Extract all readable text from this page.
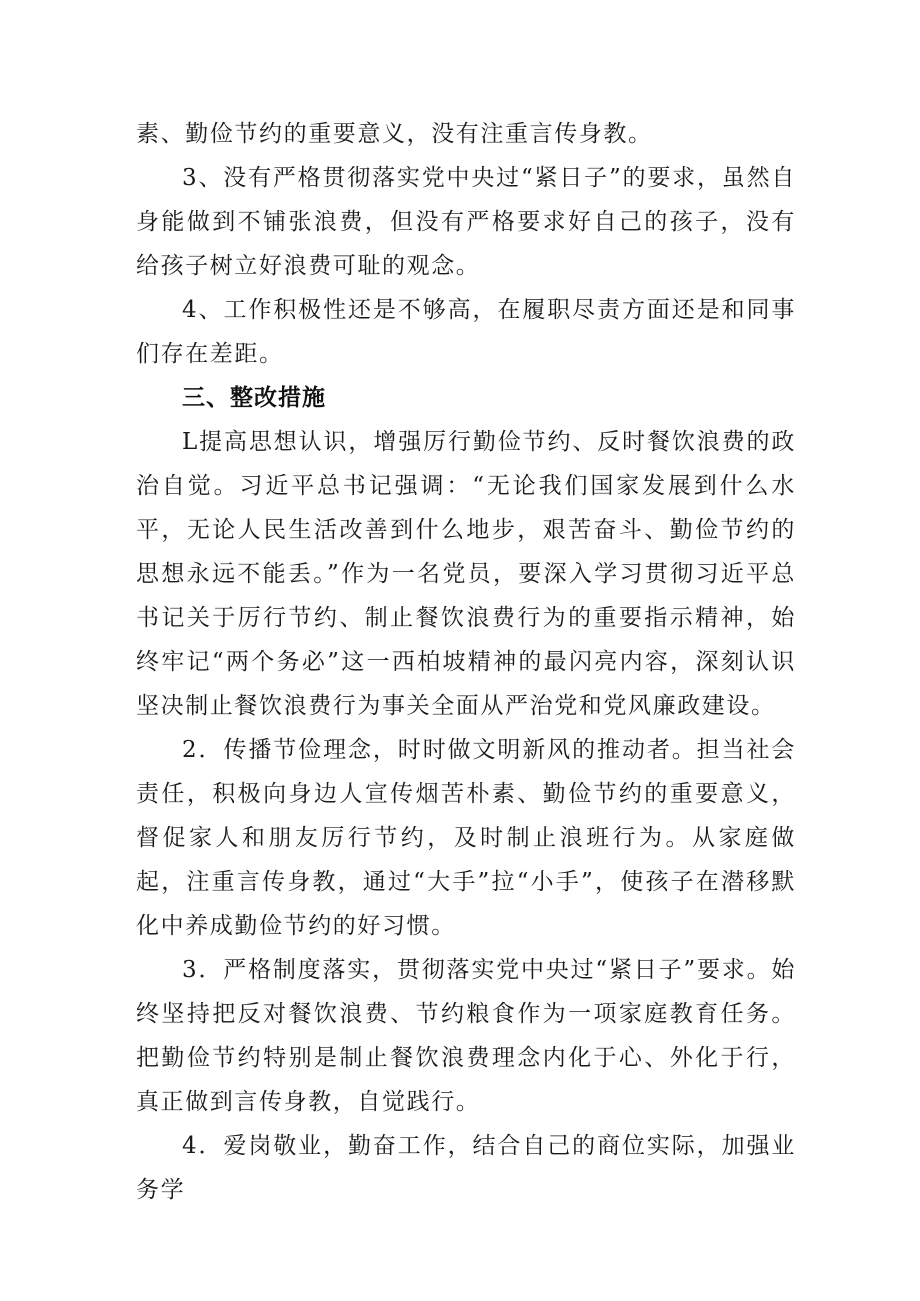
素、勤俭节约的重要意义，没有注重言传身教。

3、没有严格贯彻落实党中央过“紧日子”的要求，虽然自身能做到不铺张浪费，但没有严格要求好自己的孩子，没有给孩子树立好浪费可耻的观念。

4、工作积极性还是不够高，在履职尽责方面还是和同事们存在差距。

三、整改措施

L提高思想认识，增强厉行勤俭节约、反时餐饮浪费的政治自觉。习近平总书记强调：“无论我们国家发展到什么水平，无论人民生活改善到什么地步，艰苦奋斗、勤俭节约的思想永远不能丢。”作为一名党员，要深入学习贯彻习近平总书记关于厉行节约、制止餐饮浪费行为的重要指示精神，始终牢记“两个务必”这一西柏坡精神的最闪亮内容，深刻认识坚决制止餐饮浪费行为事关全面从严治党和党风廉政建设。

2．传播节俭理念，时时做文明新风的推动者。担当社会责任，积极向身边人宣传烟苦朴素、勤俭节约的重要意义，督促家人和朋友厉行节约，及时制止浪班行为。从家庭做起，注重言传身教，通过“大手”拉“小手”，使孩子在潜移默化中养成勤俭节约的好习惯。

3．严格制度落实，贯彻落实党中央过“紧日子”要求。始终坚持把反对餐饮浪费、节约粮食作为一项家庭教育任务。把勤俭节约特别是制止餐饮浪费理念内化于心、外化于行，真正做到言传身教，自觉践行。

4．爱岗敬业，勤奋工作，结合自己的商位实际，加强业务学
